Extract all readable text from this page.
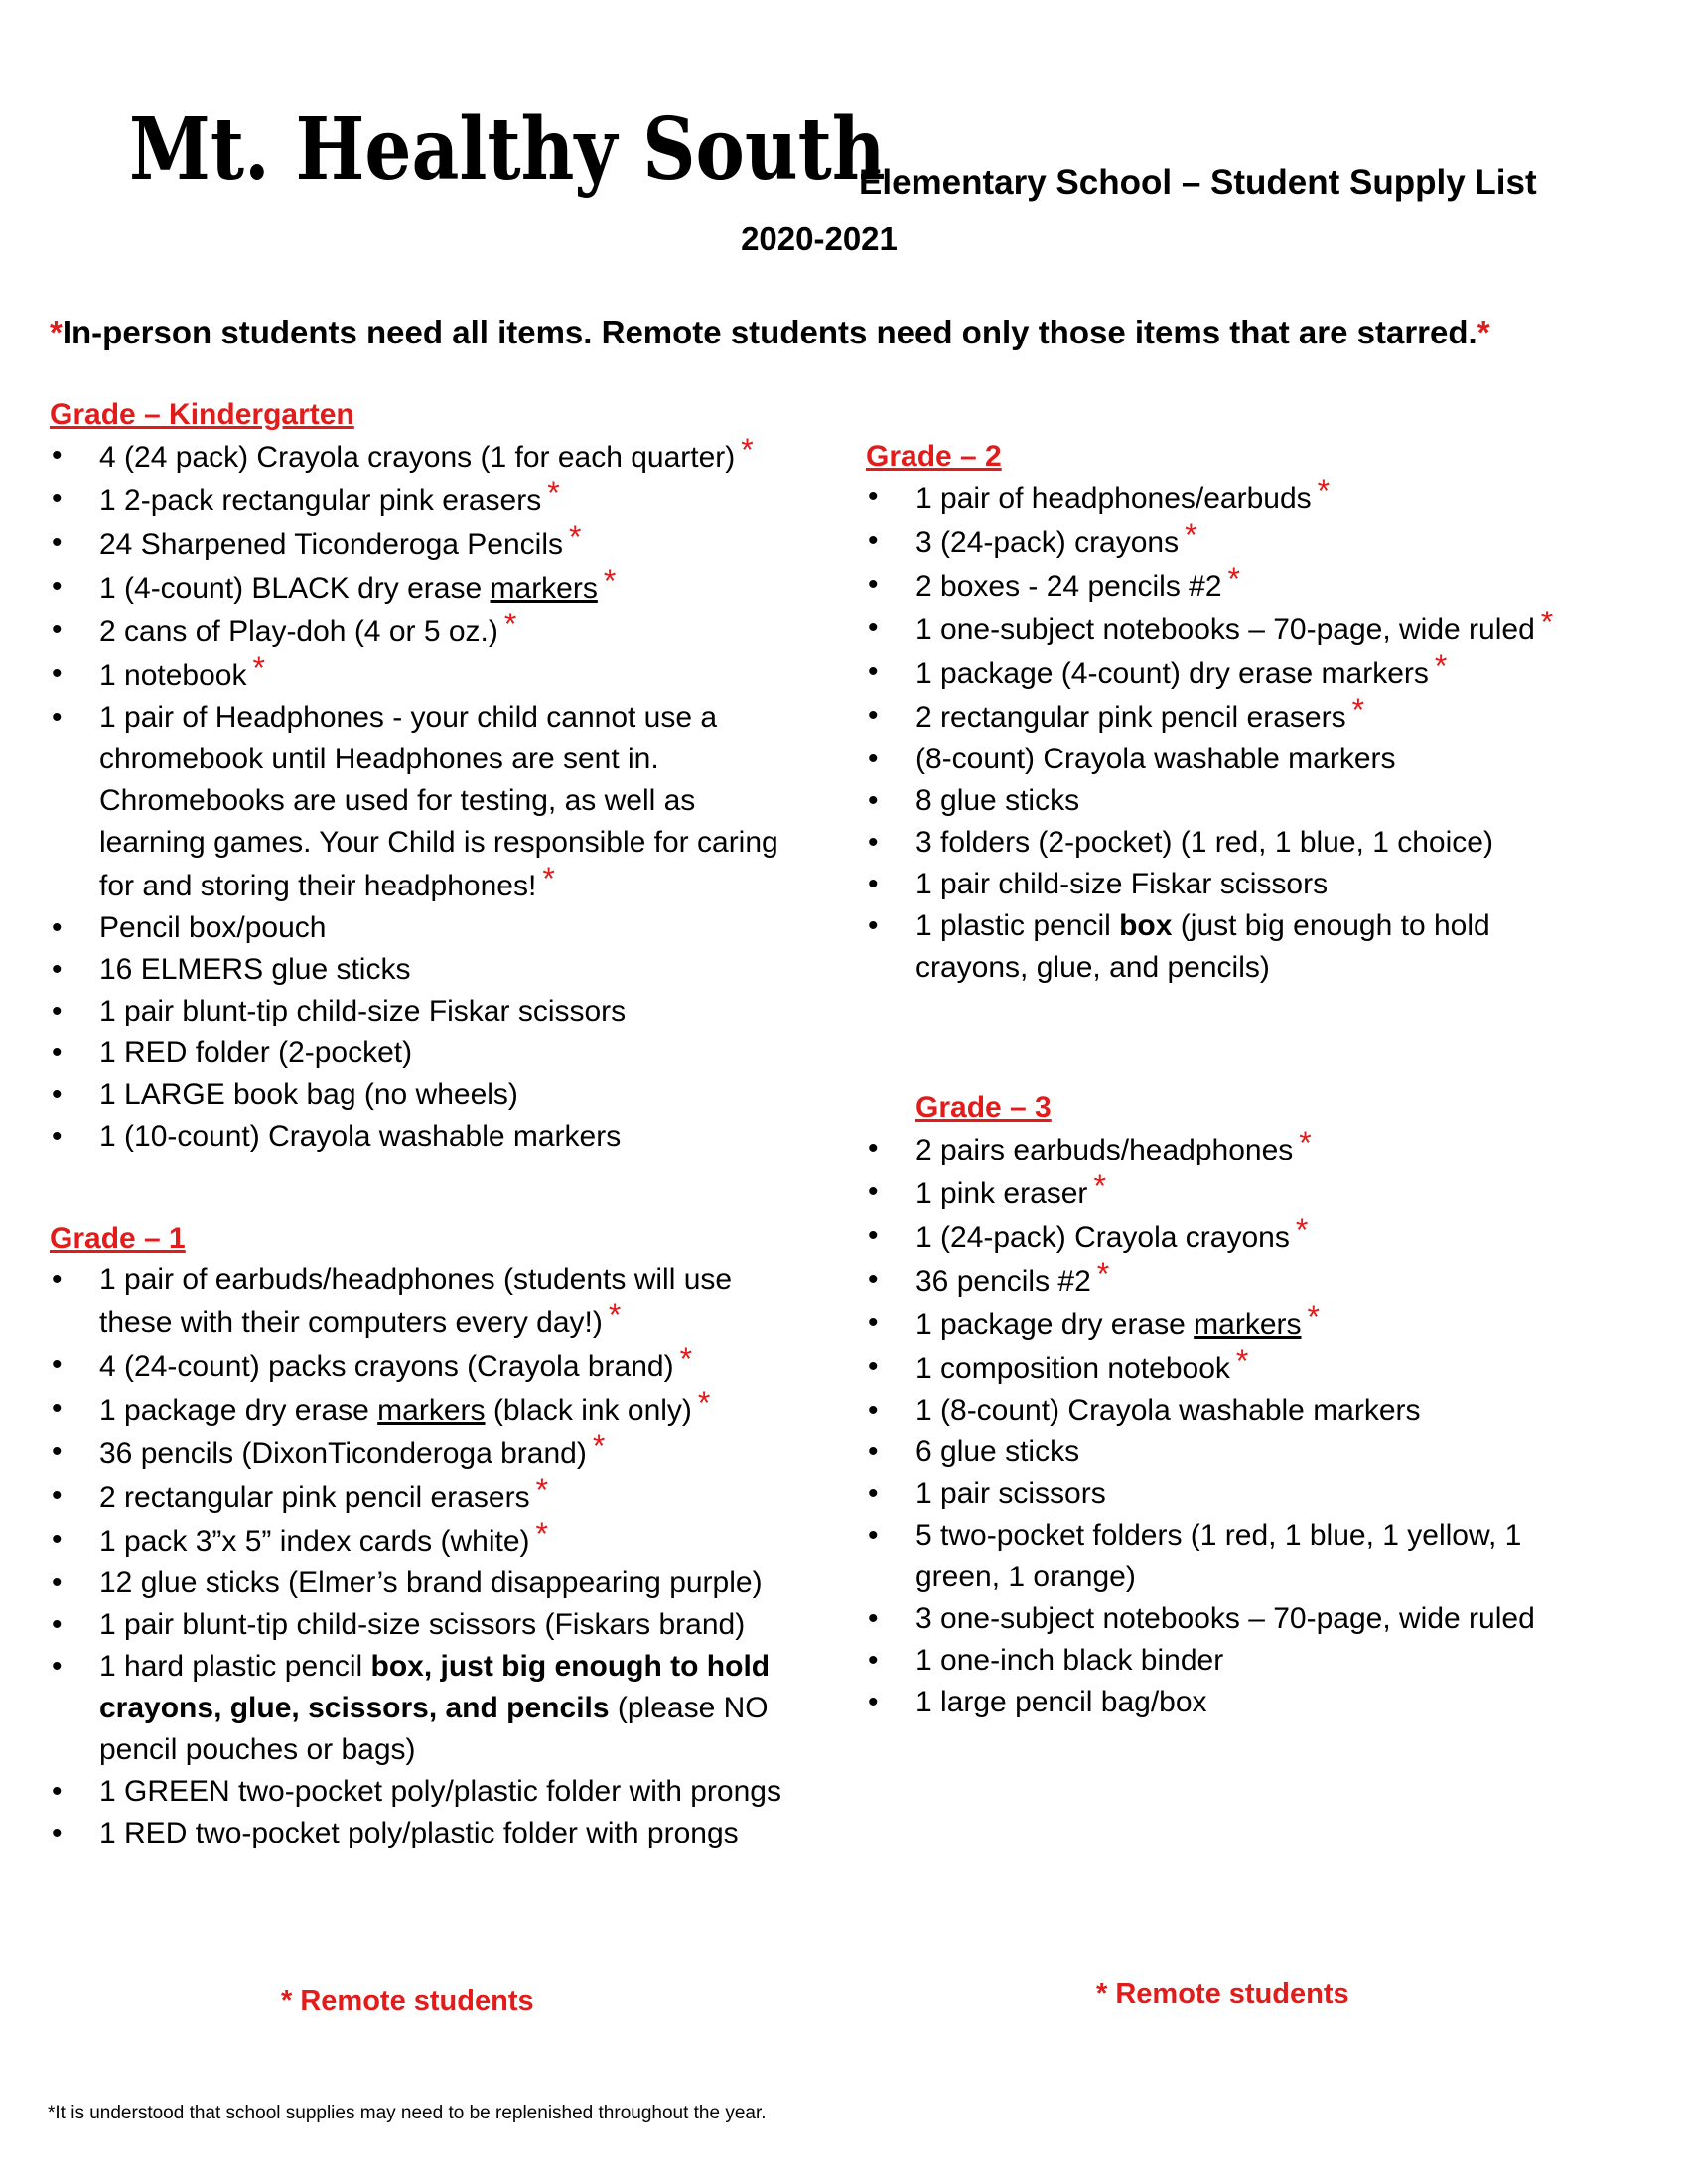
Mt. Healthy South
Elementary School – Student Supply List
2020-2021
*In-person students need all items. Remote students need only those items that are starred.*
Grade – Kindergarten
• 4 (24 pack) Crayola crayons (1 for each quarter) *
• 1 2-pack rectangular pink erasers *
• 24 Sharpened Ticonderoga Pencils *
• 1 (4-count) BLACK dry erase markers *
• 2 cans of Play-doh (4 or 5 oz.) *
• 1 notebook *
• 1 pair of Headphones - your child cannot use a chromebook until Headphones are sent in. Chromebooks are used for testing, as well as learning games. Your Child is responsible for caring for and storing their headphones! *
• Pencil box/pouch
• 16 ELMERS glue sticks
• 1 pair blunt-tip child-size Fiskar scissors
• 1 RED folder (2-pocket)
• 1 LARGE book bag (no wheels)
• 1 (10-count) Crayola washable markers
Grade – 1
• 1 pair of earbuds/headphones (students will use these with their computers every day!) *
• 4 (24-count) packs crayons (Crayola brand) *
• 1 package dry erase markers (black ink only) *
• 36 pencils (DixonTiconderoga brand) *
• 2 rectangular pink pencil erasers *
• 1 pack 3”x 5” index cards (white) *
• 12 glue sticks (Elmer’s brand disappearing purple)
• 1 pair blunt-tip child-size scissors (Fiskars brand)
• 1 hard plastic pencil box, just big enough to hold crayons, glue, scissors, and pencils (please NO pencil pouches or bags)
• 1 GREEN two-pocket poly/plastic folder with prongs
• 1 RED two-pocket poly/plastic folder with prongs
Grade – 2
• 1 pair of headphones/earbuds *
• 3 (24-pack) crayons *
• 2 boxes - 24 pencils #2 *
• 1 one-subject notebooks – 70-page, wide ruled *
• 1 package (4-count) dry erase markers *
• 2 rectangular pink pencil erasers *
• (8-count) Crayola washable markers
• 8 glue sticks
• 3 folders (2-pocket) (1 red, 1 blue, 1 choice)
• 1 pair child-size Fiskar scissors
• 1 plastic pencil box (just big enough to hold crayons, glue, and pencils)
Grade – 3
• 2 pairs earbuds/headphones *
• 1 pink eraser *
• 1 (24-pack) Crayola crayons *
• 36 pencils #2 *
• 1 package dry erase markers *
• 1 composition notebook *
• 1 (8-count) Crayola washable markers
• 6 glue sticks
• 1 pair scissors
• 5 two-pocket folders (1 red, 1 blue, 1 yellow, 1 green, 1 orange)
• 3 one-subject notebooks – 70-page, wide ruled
• 1 one-inch black binder
• 1 large pencil bag/box
* Remote students	* Remote students
*It is understood that school supplies may need to be replenished throughout the year.
